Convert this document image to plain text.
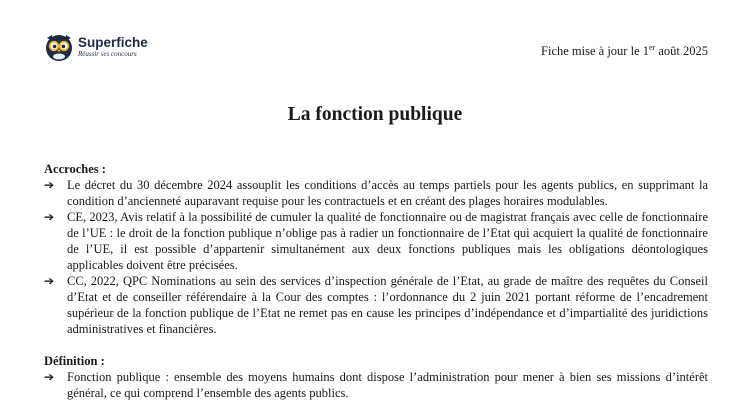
Superfiche
Réussir ses concours	Fiche mise à jour le 1er août 2025
La fonction publique

Accroches :

➔	Le décret du 30 décembre 2024 assouplit les conditions d’accès au temps partiels pour les agents publics, en supprimant la condition d’ancienneté auparavant requise pour les contractuels et en créant des plages horaires modulables.

➔	CE, 2023, Avis relatif à la possibilité de cumuler la qualité de fonctionnaire ou de magistrat français avec celle de fonctionnaire de l’UE : le droit de la fonction publique n’oblige pas à radier un fonctionnaire de l’Etat qui acquiert la qualité de fonctionnaire de l’UE, il est possible d’appartenir simultanément aux deux fonctions publiques mais les obligations déontologiques applicables doivent être précisées.

➔	CC, 2022, QPC Nominations au sein des services d’inspection générale de l’Etat, au grade de maître des requêtes du Conseil d’Etat et de conseiller référendaire à la Cour des comptes : l’ordonnance du 2 juin 2021 portant réforme de l’encadrement supérieur de la fonction publique de l’Etat ne remet pas en cause les principes d’indépendance et d’impartialité des juridictions administratives et financières.

Définition :

➔	Fonction publique : ensemble des moyens humains dont dispose l’administration pour mener à bien ses missions d’intérêt général, ce qui comprend l’ensemble des agents publics.
